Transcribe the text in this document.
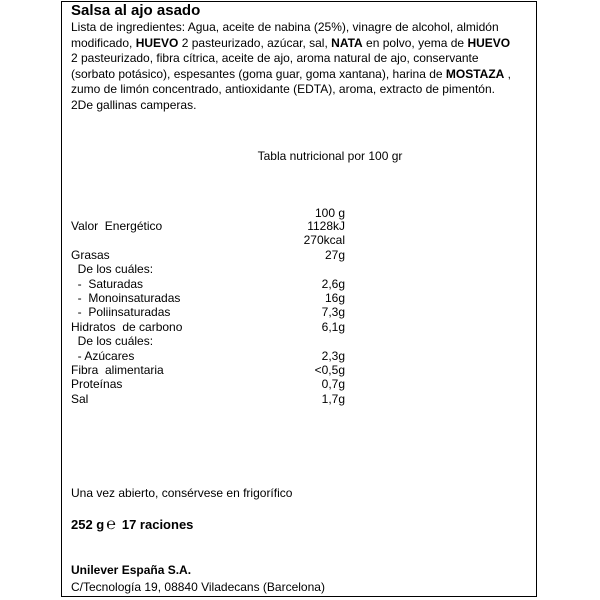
Salsa al ajo asado
Lista de ingredientes: Agua, aceite de nabina (25%), vinagre de alcohol, almidón
modificado, HUEVO 2 pasteurizado, azúcar, sal, NATA en polvo, yema de HUEVO
2 pasteurizado, fibra cítrica, aceite de ajo, aroma natural de ajo, conservante
(sorbato potásico), espesantes (goma guar, goma xantana), harina de MOSTAZA ,
zumo de limón concentrado, antioxidante (EDTA), aroma, extracto de pimentón.
2De gallinas camperas.
Tabla nutricional por 100 gr
100 g
Valor  Energético	1128kJ
270kcal
Grasas	27g
De los cuáles:
-  Saturadas	2,6g
-  Monoinsaturadas	16g
-  Poliinsaturadas	7,3g
Hidratos  de carbono	6,1g
De los cuáles:
- Azúcares	2,3g
Fibra  alimentaria	<0,5g
Proteínas	0,7g
Sal	1,7g
Una vez abierto, consérvese en frigorífico
252 g ℮ 17 raciones
Unilever España S.A.
C/Tecnología 19, 08840 Viladecans (Barcelona)
